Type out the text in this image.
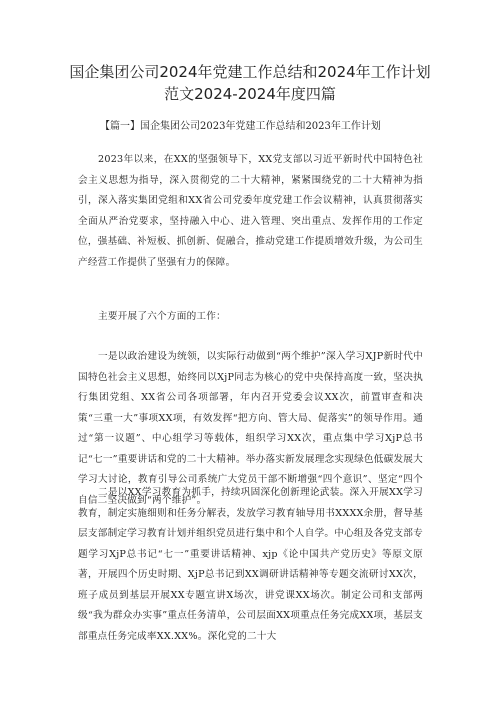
国企集团公司2024年党建工作总结和2024年工作计划
范文2024-2024年度四篇
【篇一】国企集团公司2023年党建工作总结和2023年工作计划
2023年以来，在XX的坚强领导下，XX党支部以习近平新时代中国特色社会主义思想为指导，深入贯彻党的二十大精神，紧紧围绕党的二十大精神为指引，深入落实集团党组和XX省公司党委年度党建工作会议精神，认真贯彻落实全面从严治党要求，坚持融入中心、进入管理、突出重点、发挥作用的工作定位，强基础、补短板、抓创新、促融合，推动党建工作提质增效升级，为公司生产经营工作提供了坚强有力的保障。
主要开展了六个方面的工作：
一是以政治建设为统领，以实际行动做到“两个维护”深入学习XJP新时代中国特色社会主义思想，始终同以XjP同志为核心的党中央保持高度一致，坚决执行集团党组、XX省公司各项部署，年内召开党委会议XX次，前置审查和决策“三重一大”事项XX项，有效发挥“把方向、管大局、促落实”的领导作用。通过“第一议题”、中心组学习等载体，组织学习XX次，重点集中学习XjP总书记“七一”重要讲话和党的二十大精神。举办落实新发展理念实现绿色低碳发展大学习大讨论，教育引导公司系统广大党员干部不断增强“四个意识”、坚定“四个自信二坚决做到“两个维护”。
二是以XX学习教育为抓手，持续巩固深化创新理论武装。深入开展XX学习教育，制定实施细则和任务分解表，发放学习教育轴导用书XXXX余册，督导基层支部制定学习教育计划并组织党员进行集中和个人自学。中心组及各党支部专题学习XjP总书记“七一”重要讲话精神、xjp《论中国共产党历史》等原文原著，开展四个历史时期、XjP总书记到XX调研讲话精神等专题交流研讨XX次，班子成员到基层开展XX专题宣讲X场次，讲党课XX场次。制定公司和支部两级“我为群众办实事”重点任务清单，公司层面XX项重点任务完成XX项，基层支部重点任务完成率XX.XX%。深化党的二十大
